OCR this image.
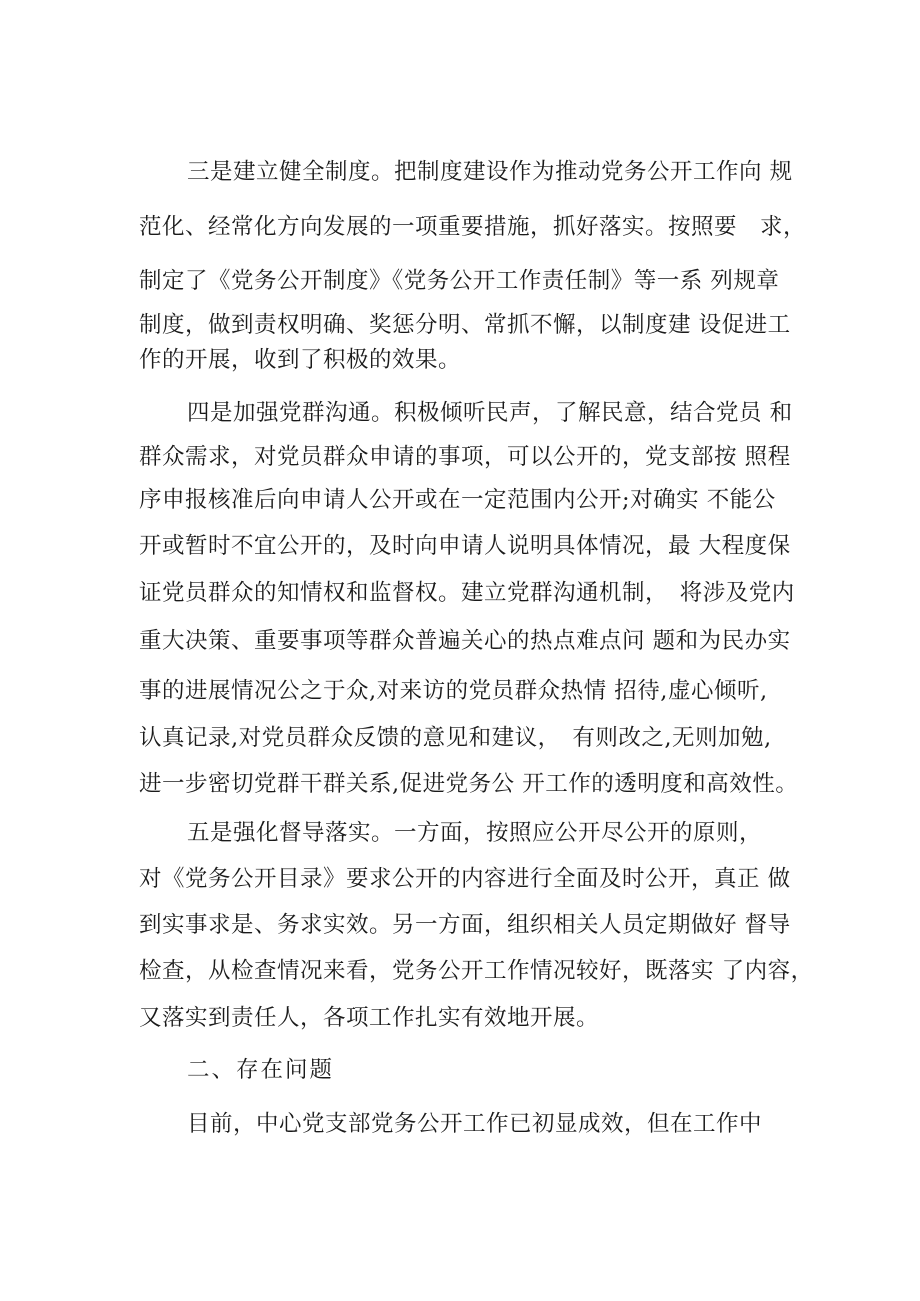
三是建立健全制度。把制度建设作为推动党务公开工作向 规
范化、经常化方向发展的一项重要措施，抓好落实。按照要　求，
制定了《党务公开制度》《党务公开工作责任制》等一系 列规章
制度，做到责权明确、奖惩分明、常抓不懈，以制度建 设促进工
作的开展，收到了积极的效果。
四是加强党群沟通。积极倾听民声，了解民意，结合党员 和
群众需求，对党员群众申请的事项，可以公开的，党支部按 照程
序申报核准后向申请人公开或在一定范围内公开;对确实 不能公
开或暂时不宜公开的，及时向申请人说明具体情况，最 大程度保
证党员群众的知情权和监督权。建立党群沟通机制，　将涉及党内
重大决策、重要事项等群众普遍关心的热点难点问 题和为民办实
事的进展情况公之于众,对来访的党员群众热情 招待,虚心倾听,
认真记录,对党员群众反馈的意见和建议，　有则改之,无则加勉,
进一步密切党群干群关系,促进党务公 开工作的透明度和高效性。
五是强化督导落实。一方面，按照应公开尽公开的原则，
对《党务公开目录》要求公开的内容进行全面及时公开，真正 做
到实事求是、务求实效。另一方面，组织相关人员定期做好 督导
检查，从检查情况来看，党务公开工作情况较好，既落实 了内容，
又落实到责任人，各项工作扎实有效地开展。
二、存在问题
目前，中心党支部党务公开工作已初显成效，但在工作中
